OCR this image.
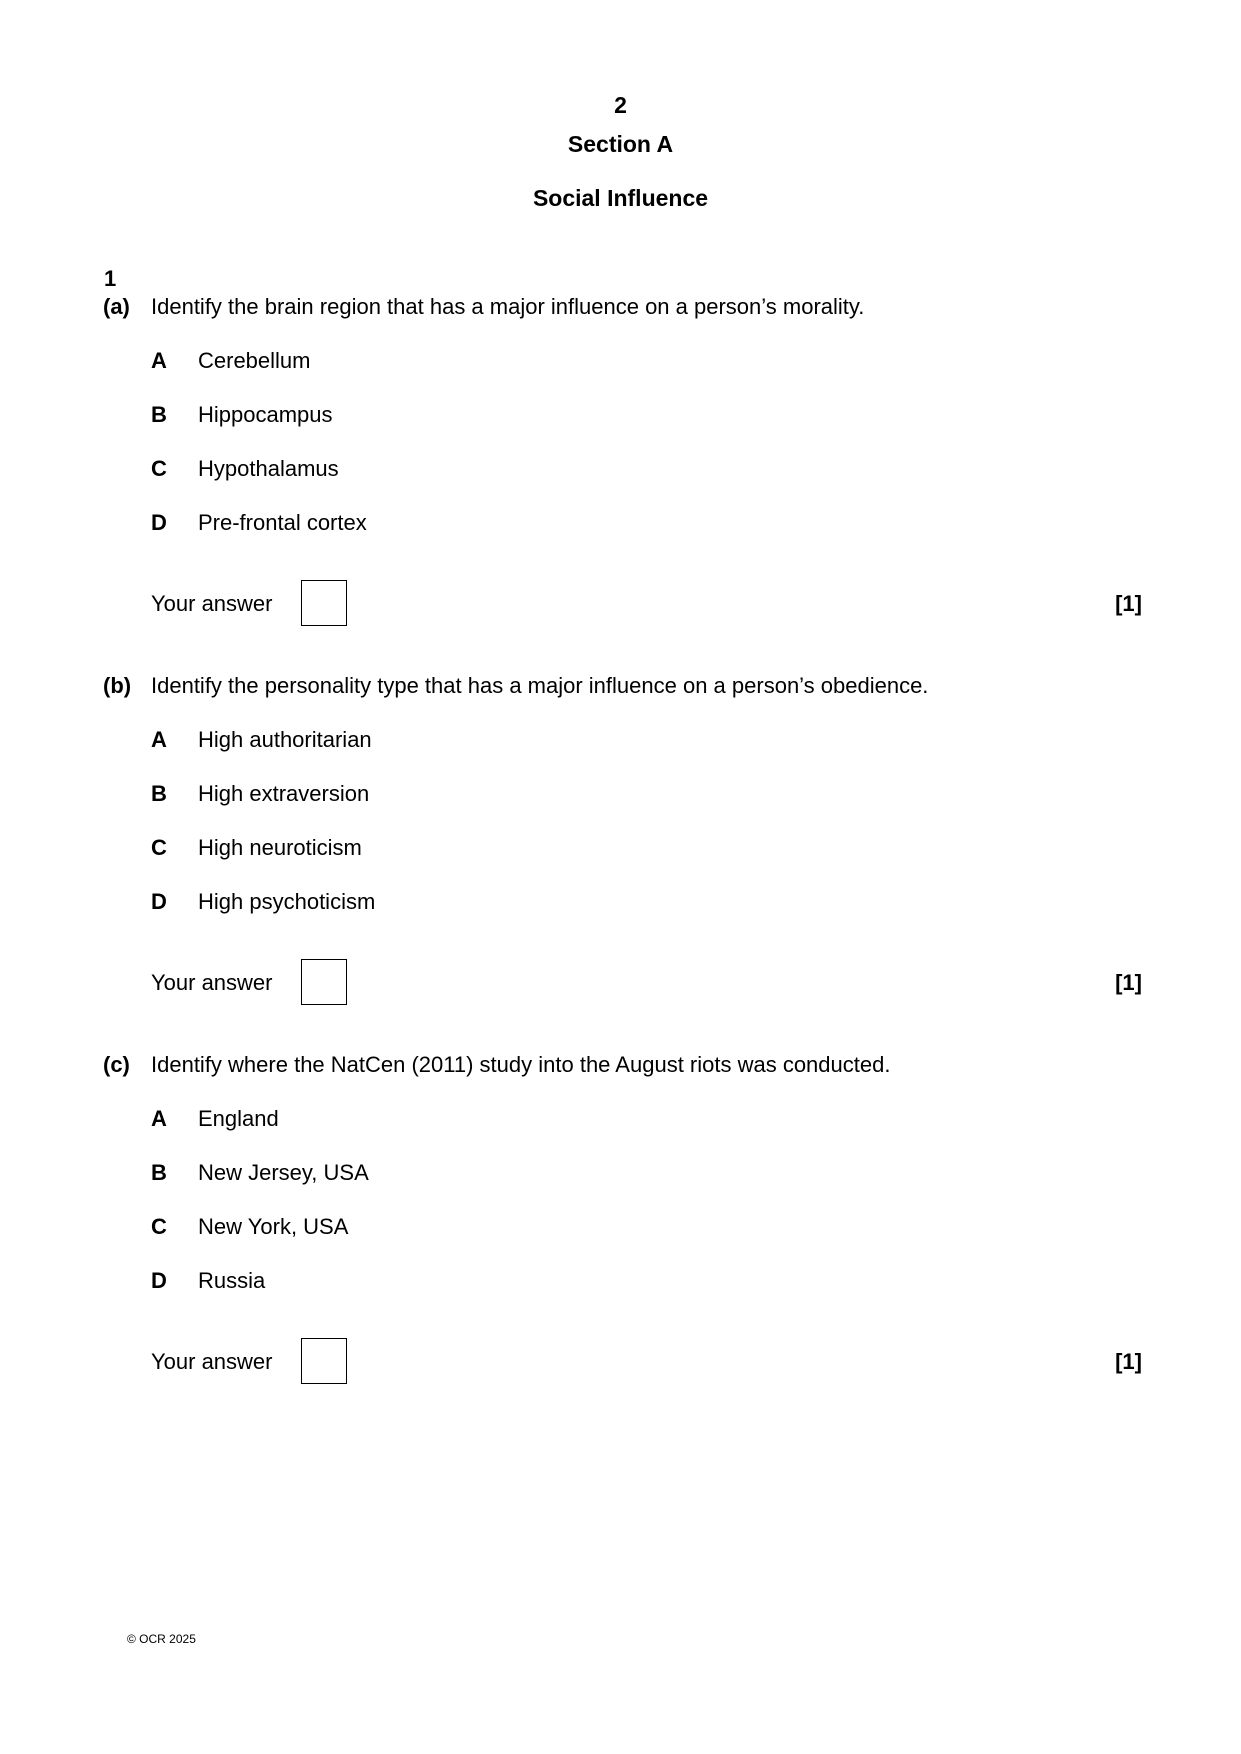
2
Section A
Social Influence
1
(a) Identify the brain region that has a major influence on a person’s morality.
A Cerebellum
B Hippocampus
C Hypothalamus
D Pre-frontal cortex
Your answer	[1]
(b) Identify the personality type that has a major influence on a person’s obedience.
A High authoritarian
B High extraversion
C High neuroticism
D High psychoticism
Your answer	[1]
(c) Identify where the NatCen (2011) study into the August riots was conducted.
A England
B New Jersey, USA
C New York, USA
D Russia
Your answer	[1]
© OCR 2025
